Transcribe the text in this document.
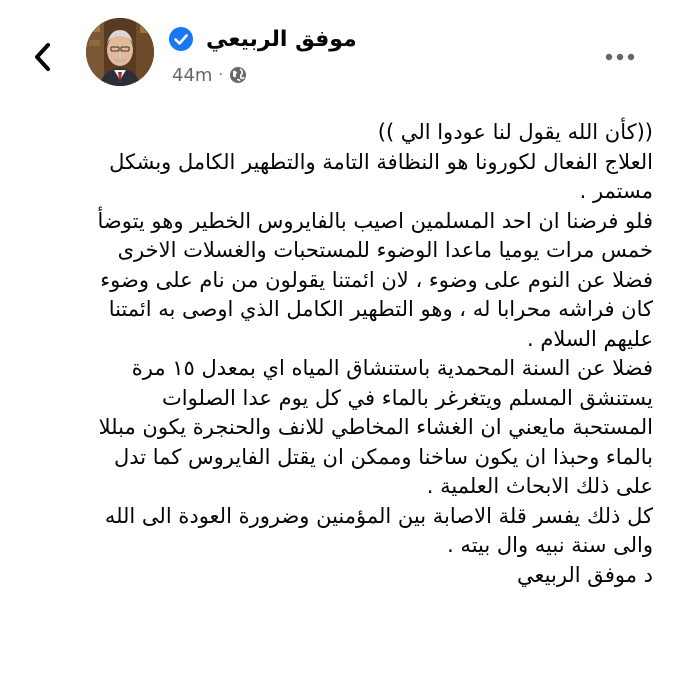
موفق الربيعي
44m ·
((كأن الله يقول لنا عودوا الي ))
العلاج الفعال لكورونا هو النظافة التامة والتطهير الكامل وبشكل
مستمر .
فلو فرضنا ان احد المسلمين اصيب بالفايروس الخطير وهو يتوضأ
خمس مرات يوميا ماعدا الوضوء للمستحبات والغسلات الاخرى
فضلا عن النوم على وضوء ، لان ائمتنا يقولون من نام على وضوء
كان فراشه محرابا له ، وهو التطهير الكامل الذي اوصى به ائمتنا
عليهم السلام .
فضلا عن السنة المحمدية باستنشاق المياه اي بمعدل ١٥ مرة
يستنشق المسلم ويتغرغر بالماء في كل يوم عدا الصلوات
المستحبة مايعني ان الغشاء المخاطي للانف والحنجرة يكون مبللا
بالماء وحبذا ان يكون ساخنا وممكن ان يقتل الفايروس كما تدل
على ذلك الابحاث العلمية .
كل ذلك يفسر قلة الاصابة بين المؤمنين وضرورة العودة الى الله
والى سنة نبيه وال بيته .
د موفق الربيعي
